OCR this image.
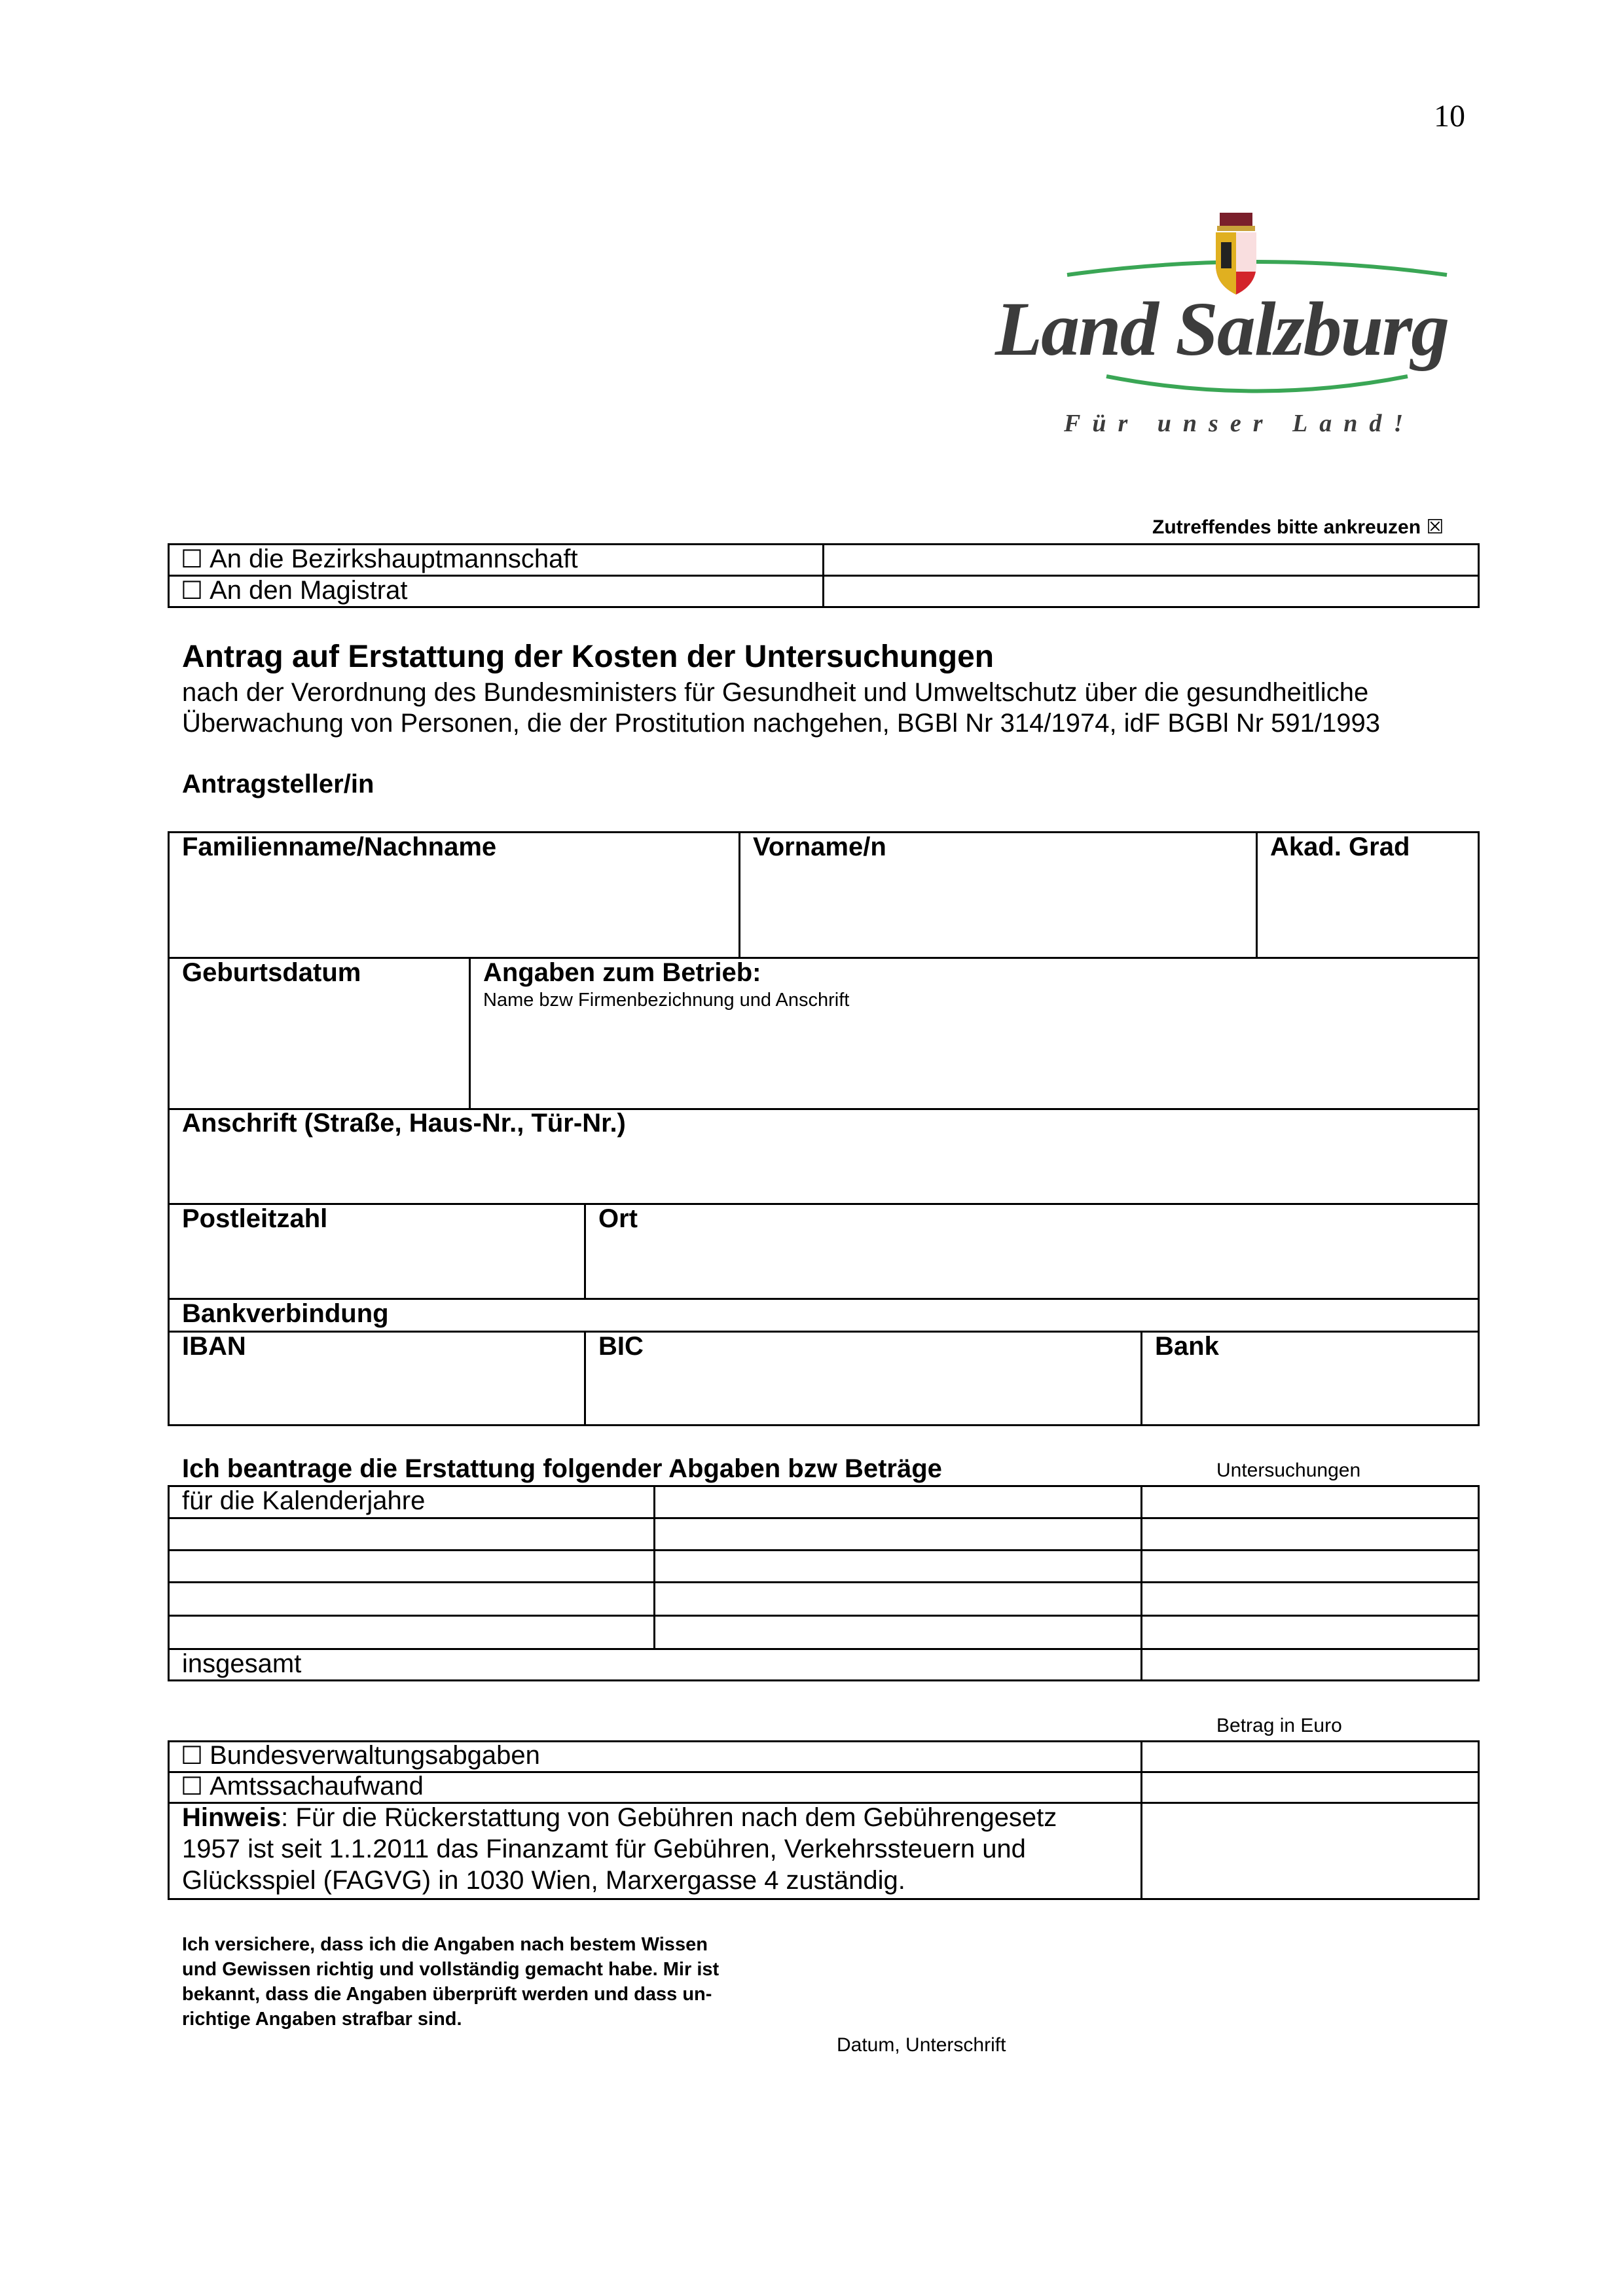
10
Land Salzburg
Für unser Land!
Zutreffendes bitte ankreuzen ☒
☐ An die Bezirkshauptmannschaft
☐ An den Magistrat
Antrag auf Erstattung der Kosten der Untersuchungen
nach der Verordnung des Bundesministers für Gesundheit und Umweltschutz über die gesundheitliche
Überwachung von Personen, die der Prostitution nachgehen, BGBl Nr 314/1974, idF BGBl Nr 591/1993
Antragsteller/in
Familienname/Nachname	Vorname/n	Akad. Grad
Geburtsdatum	Angaben zum Betrieb:
Name bzw Firmenbezichnung und Anschrift
Anschrift (Straße, Haus-Nr., Tür-Nr.)
Postleitzahl	Ort
Bankverbindung
IBAN	BIC	Bank
Ich beantrage die Erstattung folgender Abgaben bzw Beträge	Untersuchungen
für die Kalenderjahre
insgesamt
Betrag in Euro
☐ Bundesverwaltungsabgaben
☐ Amtssachaufwand
Hinweis: Für die Rückerstattung von Gebühren nach dem Gebührengesetz
1957 ist seit 1.1.2011 das Finanzamt für Gebühren, Verkehrssteuern und
Glücksspiel (FAGVG) in 1030 Wien, Marxergasse 4 zuständig.
Ich versichere, dass ich die Angaben nach bestem Wissen
und Gewissen richtig und vollständig gemacht habe. Mir ist
bekannt, dass die Angaben überprüft werden und dass un-
richtige Angaben strafbar sind.
Datum, Unterschrift
